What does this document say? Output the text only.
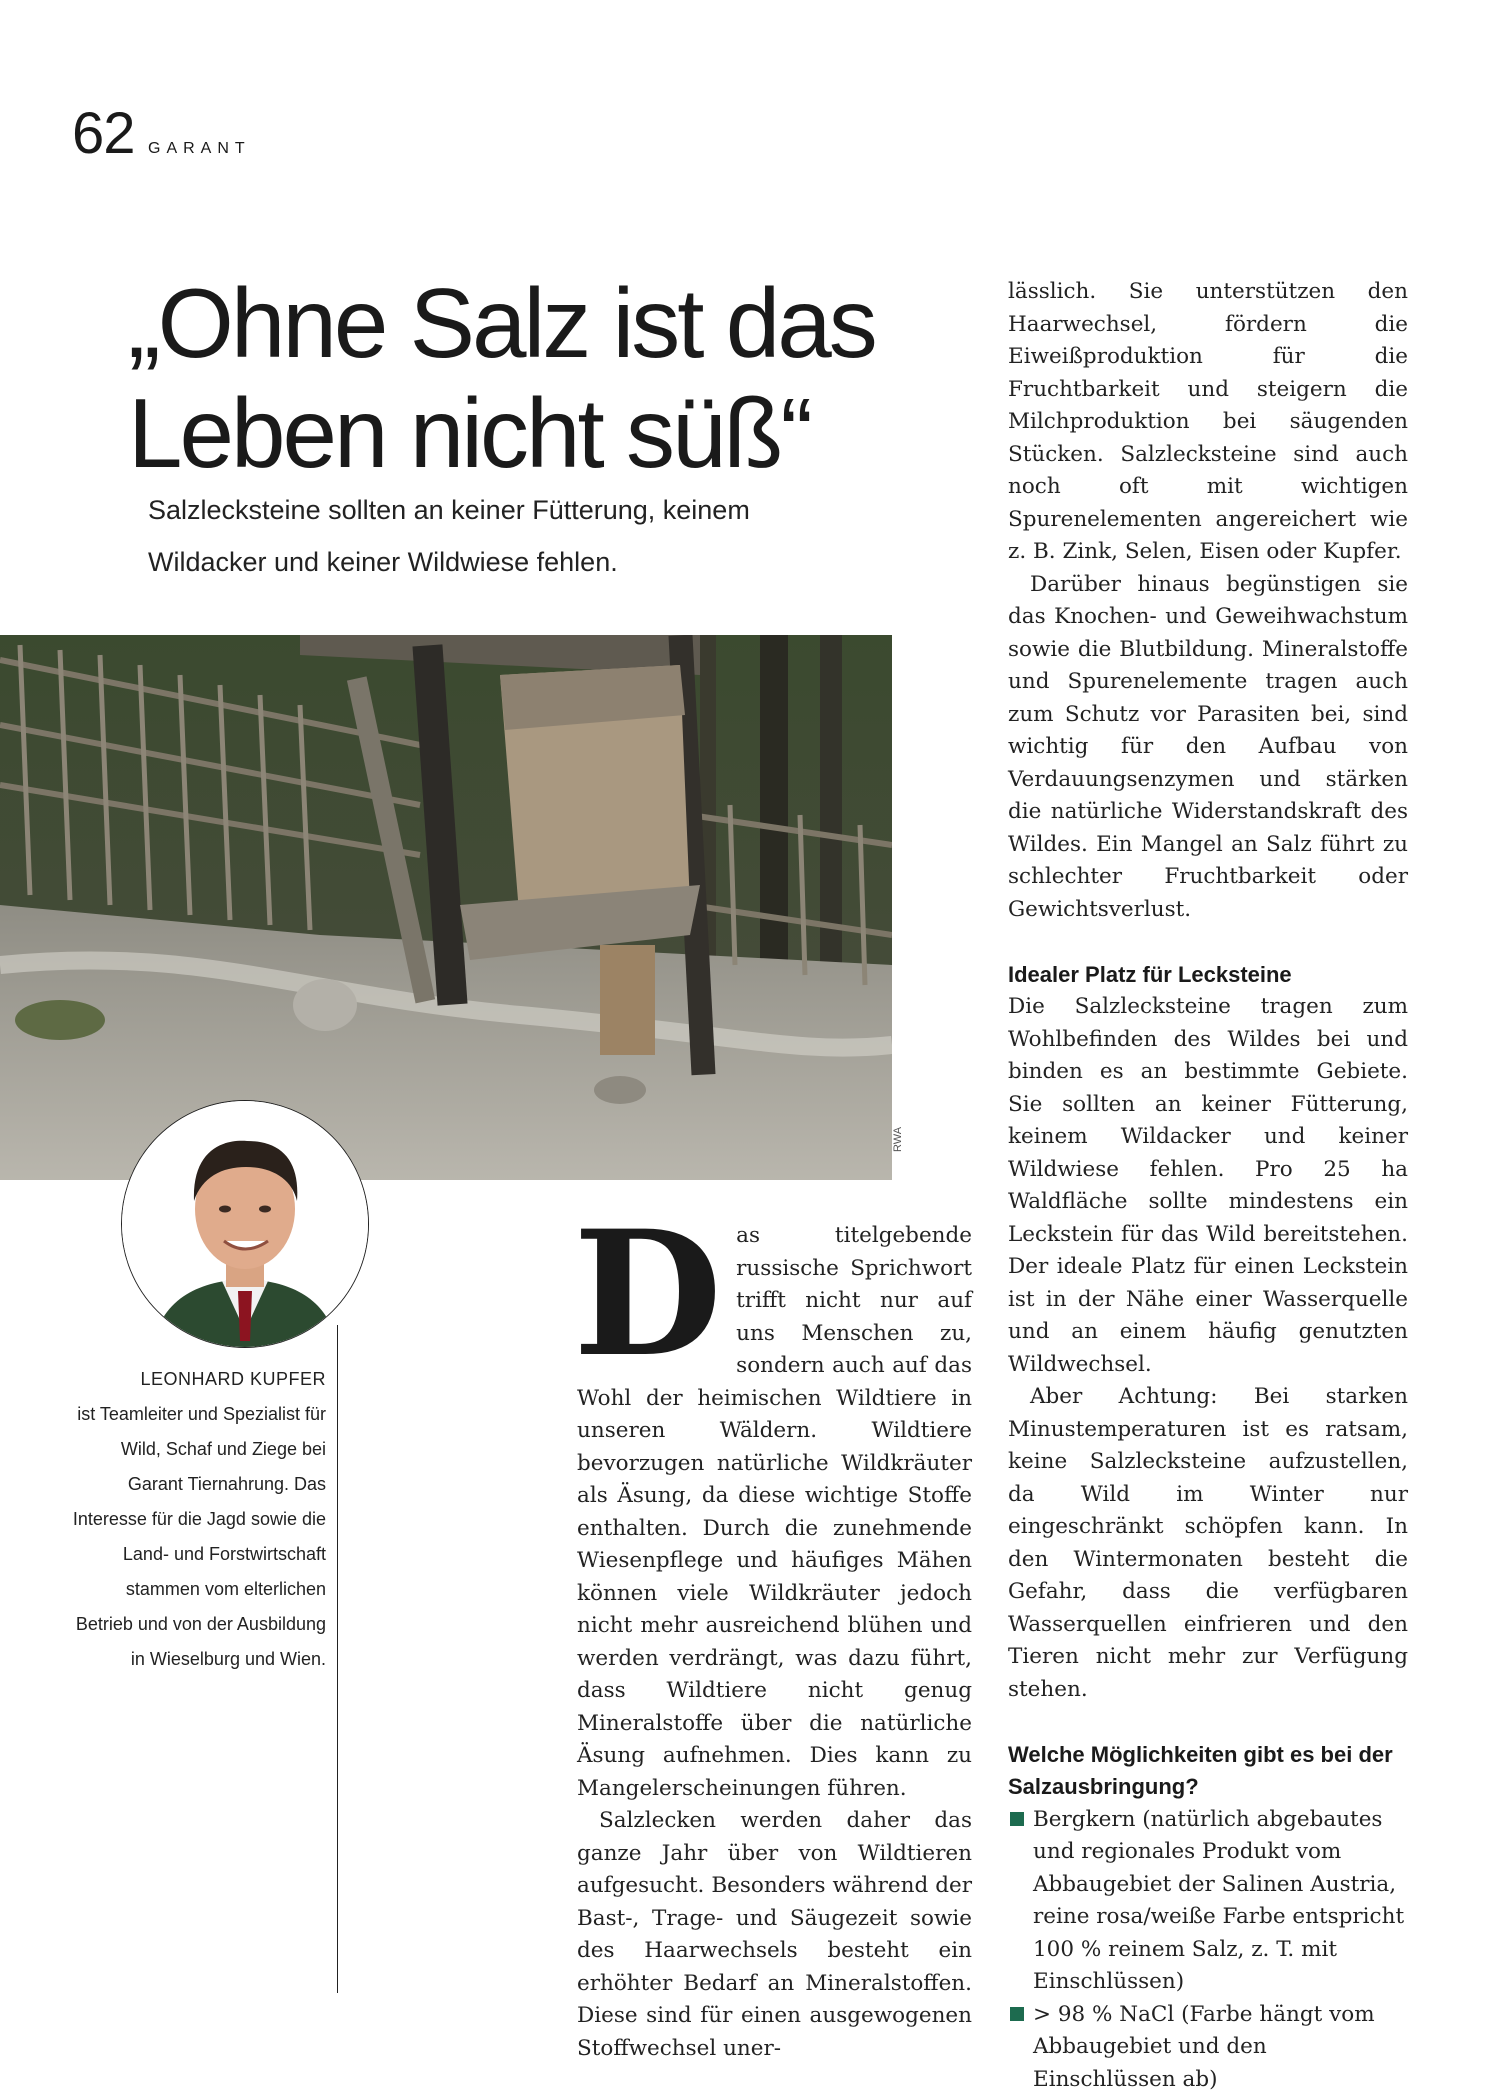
62 GARANT
„Ohne Salz ist das
Leben nicht süß“
Salzlecksteine sollten an keiner Fütterung, keinem
Wildacker und keiner Wildwiese fehlen.
RWA

LEONHARD KUPFER
ist Teamleiter und Spezialist für Wild, Schaf und Ziege bei Garant Tiernahrung. Das Interesse für die Jagd sowie die Land- und Forstwirtschaft stammen vom elterlichen Betrieb und von der Ausbildung in Wieselburg und Wien.

D as titelgebende russische Sprichwort trifft nicht nur auf uns Menschen zu, sondern auch auf das Wohl der heimischen Wildtiere in unseren Wäldern. Wildtiere bevorzugen natürliche Wildkräuter als Äsung, da diese wichtige Stoffe enthalten. Durch die zunehmende Wiesenpflege und häufiges Mähen können viele Wildkräuter jedoch nicht mehr ausreichend blühen und werden verdrängt, was dazu führt, dass Wildtiere nicht genug Mineralstoffe über die natürliche Äsung aufnehmen. Dies kann zu Mangelerscheinungen führen.

Salzlecken werden daher das ganze Jahr über von Wildtieren aufgesucht. Besonders während der Bast-, Trage- und Säugezeit sowie des Haarwechsels besteht ein erhöhter Bedarf an Mineralstoffen. Diese sind für einen ausgewogenen Stoffwechsel uner-

lässlich. Sie unterstützen den Haarwechsel, fördern die Eiweißproduktion für die Fruchtbarkeit und steigern die Milchproduktion bei säugenden Stücken. Salzlecksteine sind auch noch oft mit wichtigen Spurenelementen angereichert wie z. B. Zink, Selen, Eisen oder Kupfer.

Darüber hinaus begünstigen sie das Knochen- und Geweihwachstum sowie die Blutbildung. Mineralstoffe und Spurenelemente tragen auch zum Schutz vor Parasiten bei, sind wichtig für den Aufbau von Verdauungsenzymen und stärken die natürliche Widerstandskraft des Wildes. Ein Mangel an Salz führt zu schlechter Fruchtbarkeit oder Gewichtsverlust.

Idealer Platz für Lecksteine

Die Salzlecksteine tragen zum Wohlbefinden des Wildes bei und binden es an bestimmte Gebiete. Sie sollten an keiner Fütterung, keinem Wildacker und keiner Wildwiese fehlen. Pro 25 ha Waldfläche sollte mindestens ein Leckstein für das Wild bereitstehen. Der ideale Platz für einen Leckstein ist in der Nähe einer Wasserquelle und an einem häufig genutzten Wildwechsel.

Aber Achtung: Bei starken Minustemperaturen ist es ratsam, keine Salzlecksteine aufzustellen, da Wild im Winter nur eingeschränkt schöpfen kann. In den Wintermonaten besteht die Gefahr, dass die verfügbaren Wasserquellen einfrieren und den Tieren nicht mehr zur Verfügung stehen.

Welche Möglichkeiten gibt es bei der Salzausbringung?
Bergkern (natürlich abgebautes und regionales Produkt vom Abbaugebiet der Salinen Austria, reine rosa/weiße Farbe entspricht 100 % reinem Salz, z. T. mit Einschlüssen)
> 98 % NaCl (Farbe hängt vom Abbaugebiet und den Einschlüssen ab)
